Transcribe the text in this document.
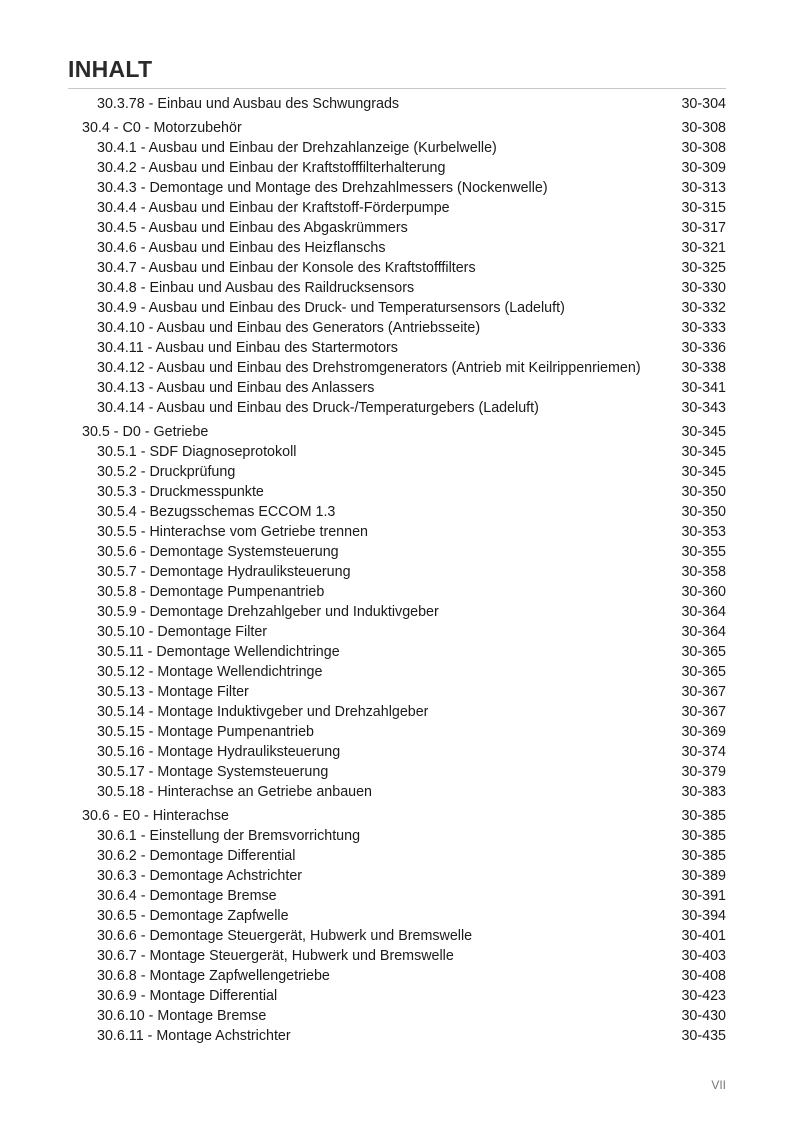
INHALT
30.3.78 - Einbau und Ausbau des Schwungrads	30-304
30.4 - C0 - Motorzubehör	30-308
30.4.1 - Ausbau und Einbau der Drehzahlanzeige (Kurbelwelle)	30-308
30.4.2 - Ausbau und Einbau der Kraftstofffilterhalterung	30-309
30.4.3 - Demontage und Montage des Drehzahlmessers (Nockenwelle)	30-313
30.4.4 - Ausbau und Einbau der Kraftstoff-Förderpumpe	30-315
30.4.5 - Ausbau und Einbau des Abgaskrümmers	30-317
30.4.6 - Ausbau und Einbau des Heizflanschs	30-321
30.4.7 - Ausbau und Einbau der Konsole des Kraftstofffilters	30-325
30.4.8 - Einbau und Ausbau des Raildrucksensors	30-330
30.4.9 - Ausbau und Einbau des Druck- und Temperatursensors (Ladeluft)	30-332
30.4.10 - Ausbau und Einbau des Generators (Antriebsseite)	30-333
30.4.11 - Ausbau und Einbau des Startermotors	30-336
30.4.12 - Ausbau und Einbau des Drehstromgenerators (Antrieb mit Keilrippenriemen)	30-338
30.4.13 - Ausbau und Einbau des Anlassers	30-341
30.4.14 - Ausbau und Einbau des Druck-/Temperaturgebers (Ladeluft)	30-343
30.5 - D0 - Getriebe	30-345
30.5.1 - SDF Diagnoseprotokoll	30-345
30.5.2 - Druckprüfung	30-345
30.5.3 - Druckmesspunkte	30-350
30.5.4 - Bezugsschemas ECCOM 1.3	30-350
30.5.5 - Hinterachse vom Getriebe trennen	30-353
30.5.6 - Demontage Systemsteuerung	30-355
30.5.7 - Demontage Hydrauliksteuerung	30-358
30.5.8 - Demontage Pumpenantrieb	30-360
30.5.9 - Demontage Drehzahlgeber und Induktivgeber	30-364
30.5.10 - Demontage Filter	30-364
30.5.11 - Demontage Wellendichtringe	30-365
30.5.12 - Montage Wellendichtringe	30-365
30.5.13 - Montage Filter	30-367
30.5.14 - Montage Induktivgeber und Drehzahlgeber	30-367
30.5.15 - Montage Pumpenantrieb	30-369
30.5.16 - Montage Hydrauliksteuerung	30-374
30.5.17 - Montage Systemsteuerung	30-379
30.5.18 - Hinterachse an Getriebe anbauen	30-383
30.6 - E0 - Hinterachse	30-385
30.6.1 - Einstellung der Bremsvorrichtung	30-385
30.6.2 - Demontage Differential	30-385
30.6.3 - Demontage Achstrichter	30-389
30.6.4 - Demontage Bremse	30-391
30.6.5 - Demontage Zapfwelle	30-394
30.6.6 - Demontage Steuergerät, Hubwerk und Bremswelle	30-401
30.6.7 - Montage Steuergerät, Hubwerk und Bremswelle	30-403
30.6.8 - Montage Zapfwellengetriebe	30-408
30.6.9 - Montage Differential	30-423
30.6.10 - Montage Bremse	30-430
30.6.11 - Montage Achstrichter	30-435
VII
